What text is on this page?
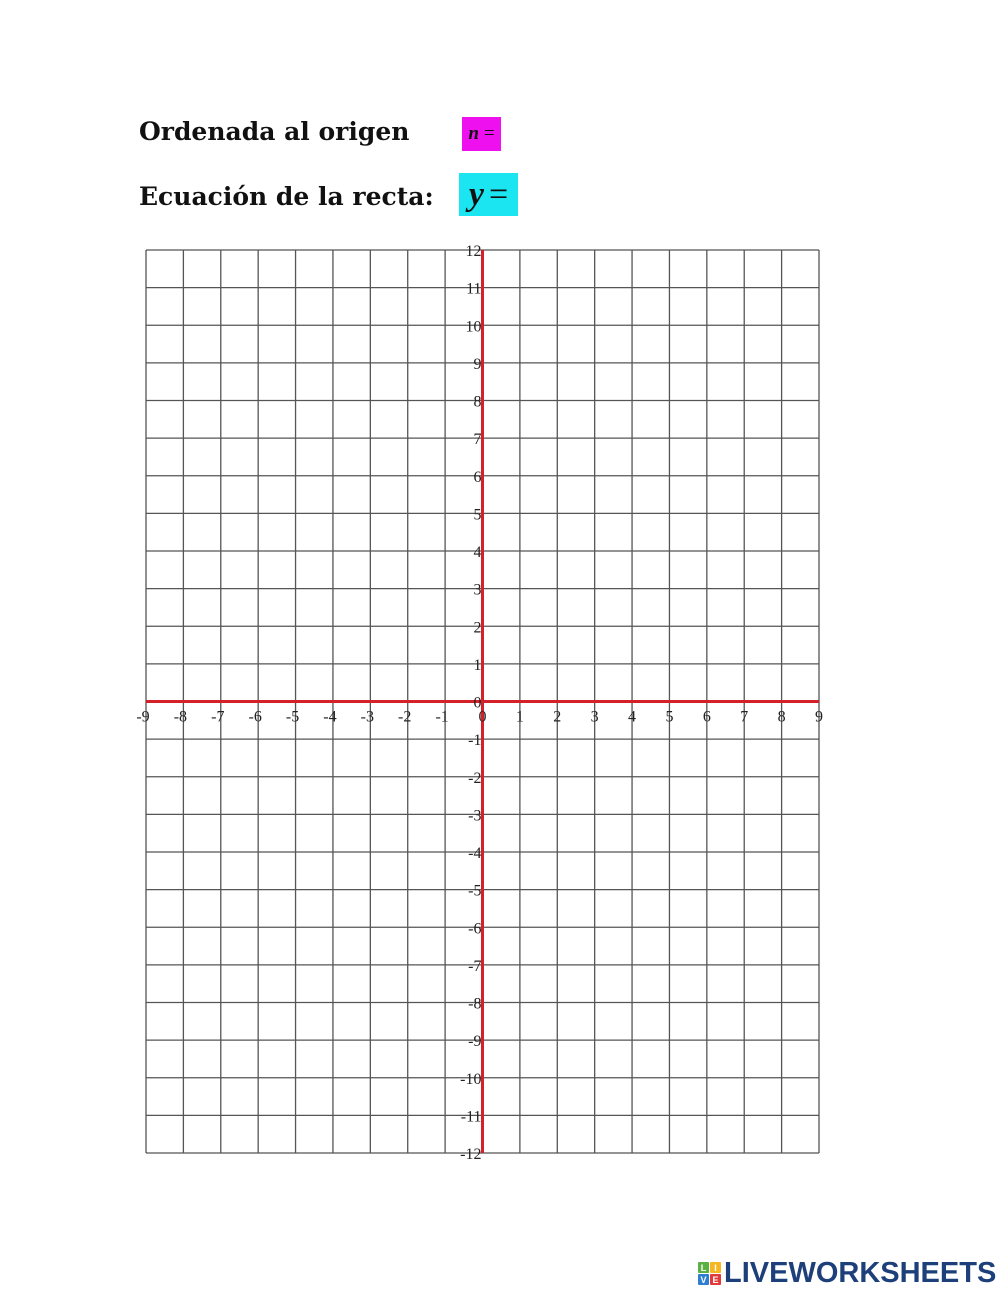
Ordenada al origen
Ecuación de la recta:
n =
y =
-9 -8 -7 -6 -5 -4 -3 -2 -1 0 1 2 3 4 5 6 7 8 9
12
11
10
9
8
7
6
5
4
3
2
1
0
-1
-2
-3
-4
-5
-6
-7
-8
-9
-10
-11
-12
L I
V E LIVEWORKSHEETS
